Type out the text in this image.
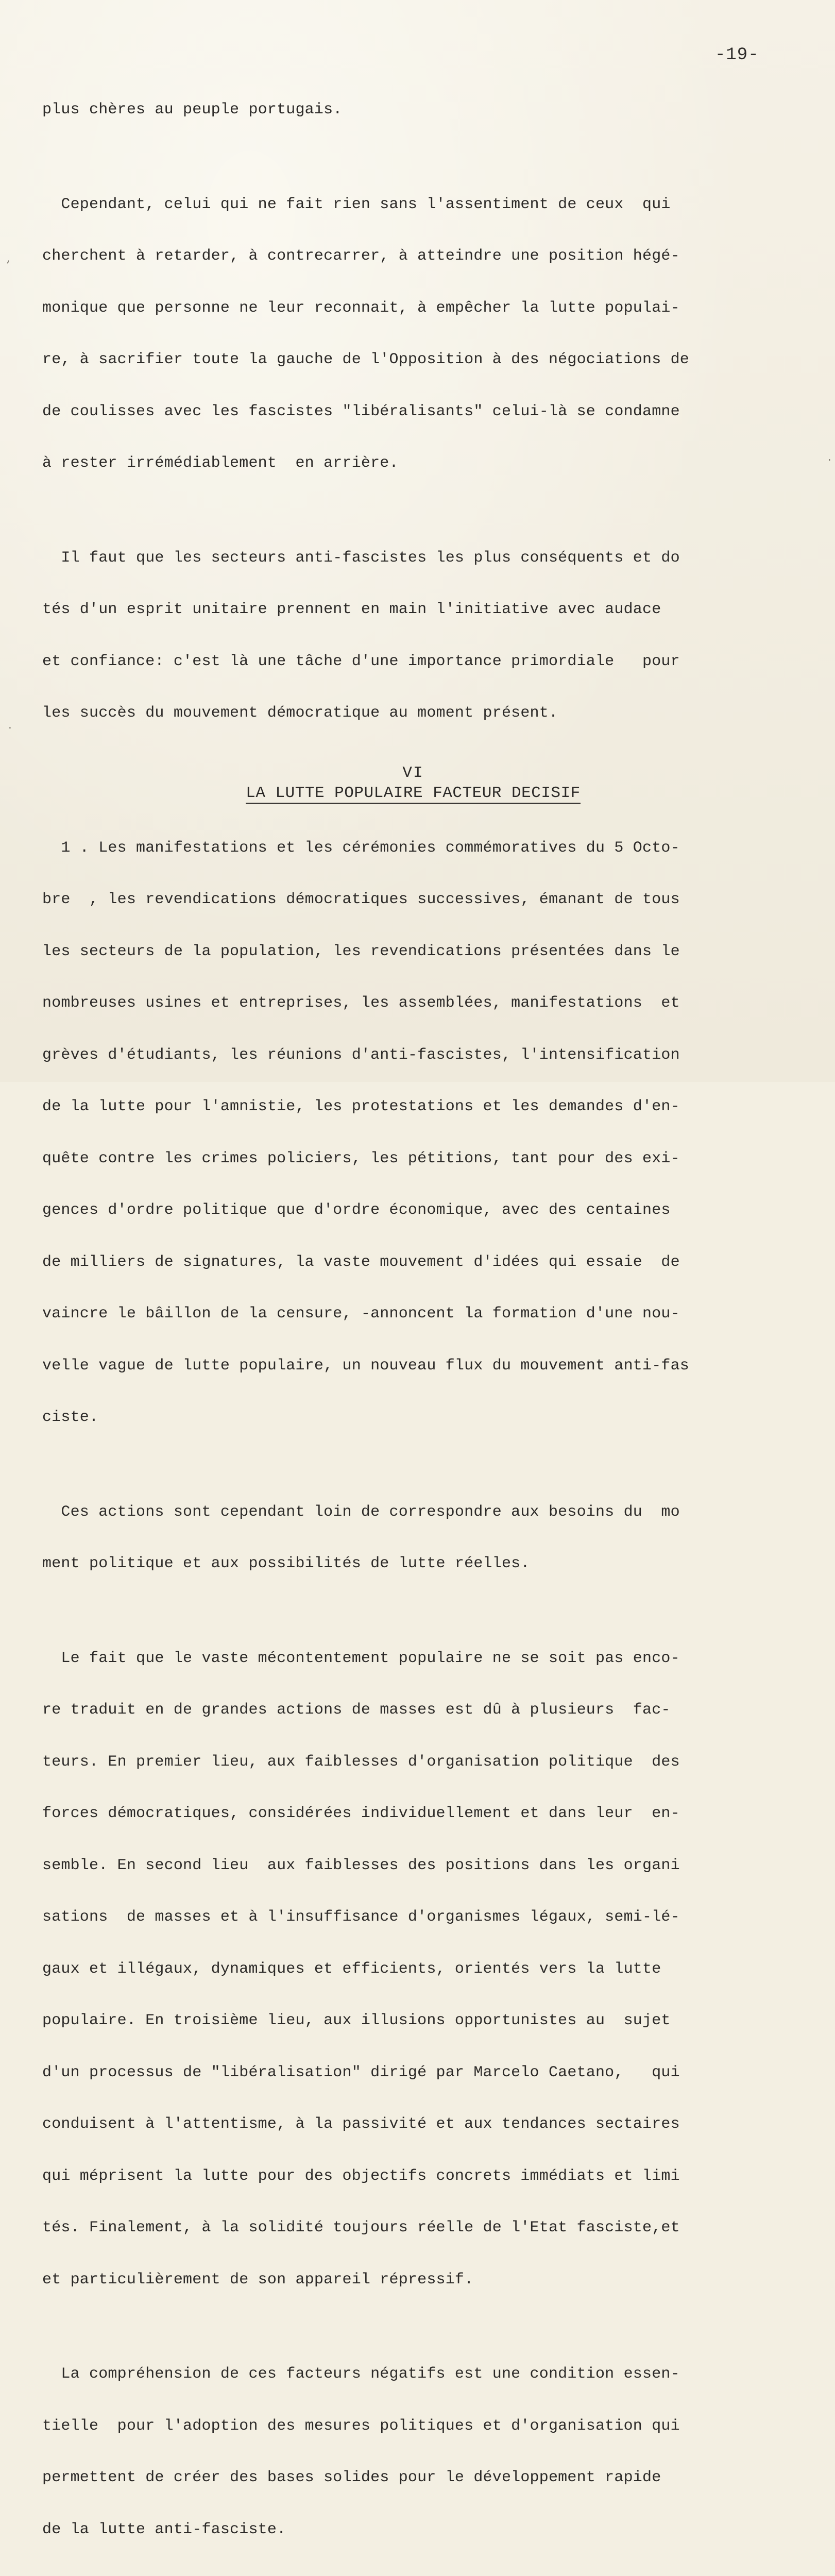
-19-

plus chères au peuple portugais.

Cependant, celui qui ne fait rien sans l'assentiment de ceux  qui

cherchent à retarder, à contrecarrer, à atteindre une position hégé-

monique que personne ne leur reconnait, à empêcher la lutte populai-

re, à sacrifier toute la gauche de l'Opposition à des négociations de

de coulisses avec les fascistes "libéralisants" celui-là se condamne

à rester irrémédiablement  en arrière.

Il faut que les secteurs anti-fascistes les plus conséquents et do

tés d'un esprit unitaire prennent en main l'initiative avec audace

et confiance: c'est là une tâche d'une importance primordiale   pour

les succès du mouvement démocratique au moment présent.

VI
LA LUTTE POPULAIRE FACTEUR DECISIF

1 . Les manifestations et les cérémonies commémoratives du 5 Octo-

bre  , les revendications démocratiques successives, émanant de tous

les secteurs de la population, les revendications présentées dans le

nombreuses usines et entreprises, les assemblées, manifestations  et

grèves d'étudiants, les réunions d'anti-fascistes, l'intensification

de la lutte pour l'amnistie, les protestations et les demandes d'en-

quête contre les crimes policiers, les pétitions, tant pour des exi-

gences d'ordre politique que d'ordre économique, avec des centaines

de milliers de signatures, la vaste mouvement d'idées qui essaie  de

vaincre le bâillon de la censure, -annoncent la formation d'une nou-

velle vague de lutte populaire, un nouveau flux du mouvement anti-fas

ciste.

Ces actions sont cependant loin de correspondre aux besoins du  mo

ment politique et aux possibilités de lutte réelles.

Le fait que le vaste mécontentement populaire ne se soit pas enco-

re traduit en de grandes actions de masses est dû à plusieurs  fac-

teurs. En premier lieu, aux faiblesses d'organisation politique  des

forces démocratiques, considérées individuellement et dans leur  en-

semble. En second lieu  aux faiblesses des positions dans les organi

sations  de masses et à l'insuffisance d'organismes légaux, semi-lé-

gaux et illégaux, dynamiques et efficients, orientés vers la lutte

populaire. En troisième lieu, aux illusions opportunistes au  sujet

d'un processus de "libéralisation" dirigé par Marcelo Caetano,   qui

conduisent à l'attentisme, à la passivité et aux tendances sectaires

qui méprisent la lutte pour des objectifs concrets immédiats et limi

tés. Finalement, à la solidité toujours réelle de l'Etat fasciste,et

et particulièrement de son appareil répressif.

La compréhension de ces facteurs négatifs est une condition essen-

tielle  pour l'adoption des mesures politiques et d'organisation qui

permettent de créer des bases solides pour le développement rapide

de la lutte anti-fasciste.

‘
.
.
